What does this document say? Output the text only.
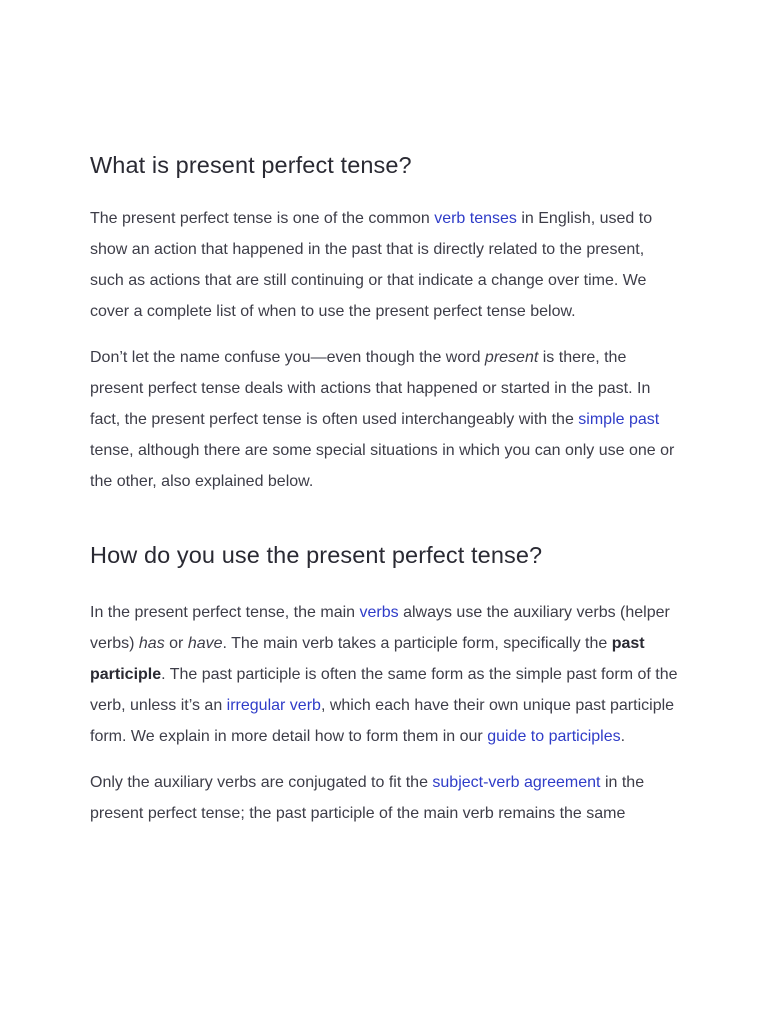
What is present perfect tense?

The present perfect tense is one of the common verb tenses in English, used to show an action that happened in the past that is directly related to the present, such as actions that are still continuing or that indicate a change over time. We cover a complete list of when to use the present perfect tense below.

Don’t let the name confuse you—even though the word present is there, the present perfect tense deals with actions that happened or started in the past. In fact, the present perfect tense is often used interchangeably with the simple past tense, although there are some special situations in which you can only use one or the other, also explained below.

How do you use the present perfect tense?

In the present perfect tense, the main verbs always use the auxiliary verbs (helper verbs) has or have. The main verb takes a participle form, specifically the past participle. The past participle is often the same form as the simple past form of the verb, unless it’s an irregular verb, which each have their own unique past participle form. We explain in more detail how to form them in our guide to participles.

Only the auxiliary verbs are conjugated to fit the subject-verb agreement in the present perfect tense; the past participle of the main verb remains the same
